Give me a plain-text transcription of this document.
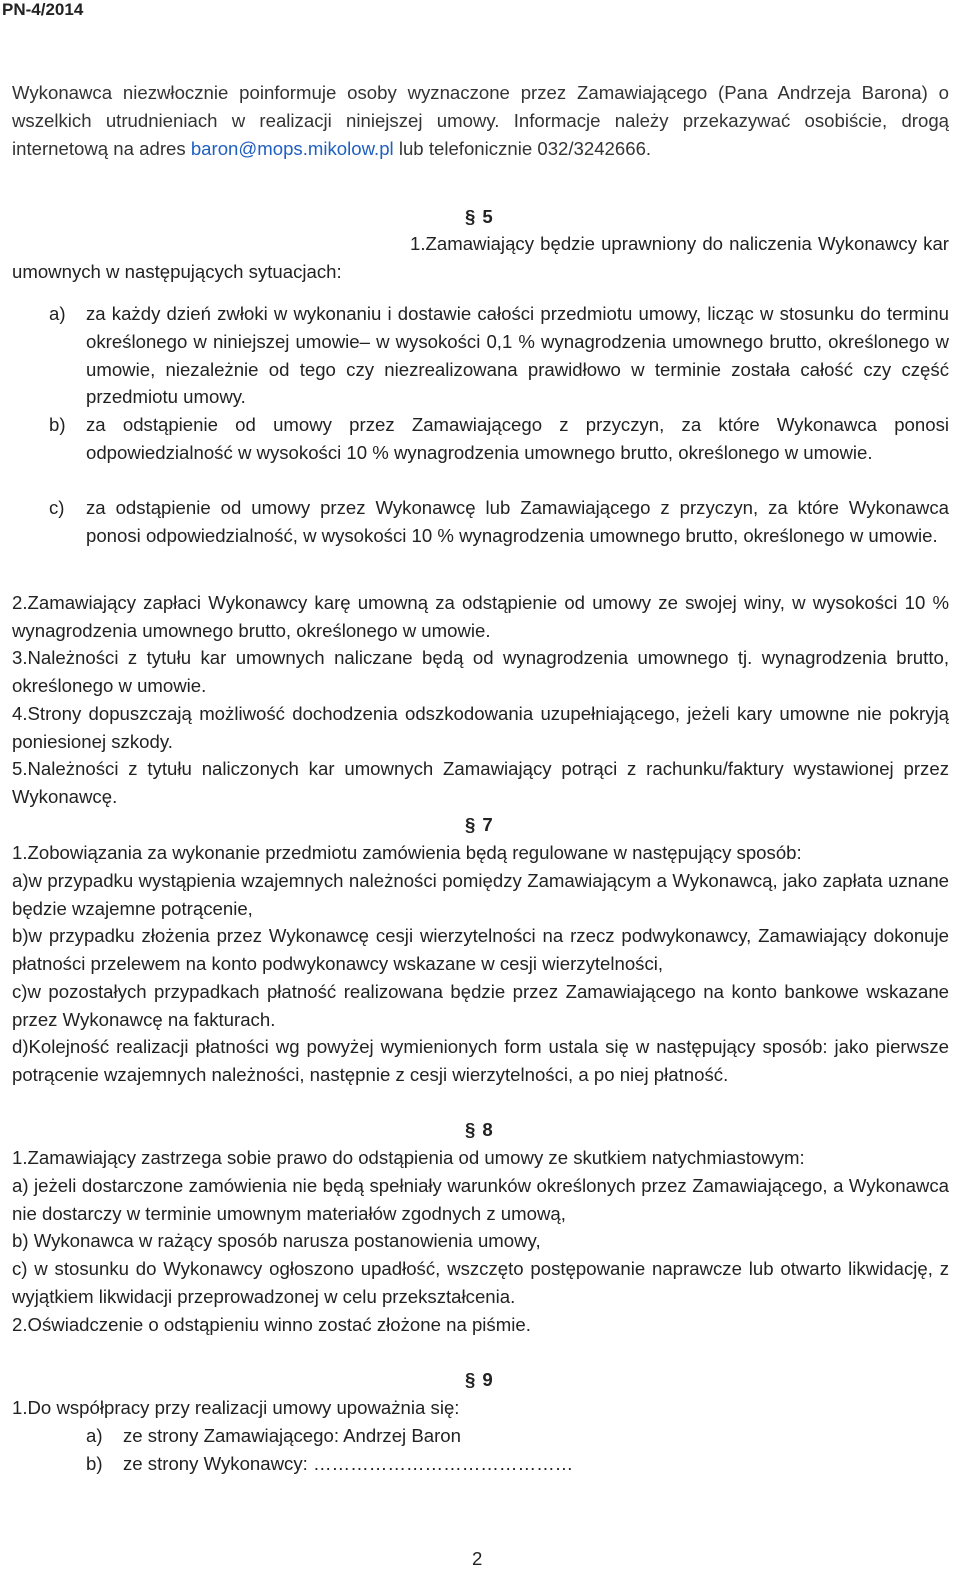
PN-4/2014

Wykonawca niezwłocznie poinformuje osoby wyznaczone przez Zamawiającego (Pana Andrzeja Barona) o wszelkich utrudnieniach w realizacji niniejszej umowy. Informacje należy przekazywać osobiście, drogą internetową na adres baron@mops.mikolow.pl lub telefonicznie 032/3242666.

§ 5

1.Zamawiający będzie uprawniony do naliczenia Wykonawcy kar umownych w następujących sytuacjach:

a) za każdy dzień zwłoki w wykonaniu i dostawie całości przedmiotu umowy, licząc w stosunku do terminu określonego w niniejszej umowie– w wysokości 0,1 % wynagrodzenia umownego brutto, określonego w umowie, niezależnie od tego czy niezrealizowana prawidłowo w terminie została całość czy część przedmiotu umowy.
b) za odstąpienie od umowy przez Zamawiającego z przyczyn, za które Wykonawca ponosi odpowiedzialność w wysokości 10 % wynagrodzenia umownego brutto, określonego w umowie.
c) za odstąpienie od umowy przez Wykonawcę lub Zamawiającego z przyczyn, za które Wykonawca ponosi odpowiedzialność, w wysokości 10 % wynagrodzenia umownego brutto, określonego w umowie.

2.Zamawiający zapłaci Wykonawcy karę umowną za odstąpienie od umowy ze swojej winy, w wysokości 10 % wynagrodzenia umownego brutto, określonego w umowie.

3.Należności z tytułu kar umownych naliczane będą od wynagrodzenia umownego tj. wynagrodzenia brutto, określonego w umowie.

4.Strony dopuszczają możliwość dochodzenia odszkodowania uzupełniającego, jeżeli kary umowne nie pokryją poniesionej szkody.

5.Należności z tytułu naliczonych kar umownych Zamawiający potrąci z rachunku/faktury wystawionej przez Wykonawcę.

§ 7

1.Zobowiązania za wykonanie przedmiotu zamówienia będą regulowane w następujący sposób:

a)w przypadku wystąpienia wzajemnych należności pomiędzy Zamawiającym a Wykonawcą, jako zapłata uznane będzie wzajemne potrącenie,

b)w przypadku złożenia przez Wykonawcę cesji wierzytelności na rzecz podwykonawcy, Zamawiający dokonuje płatności przelewem na konto podwykonawcy wskazane w cesji wierzytelności,

c)w pozostałych przypadkach płatność realizowana będzie przez Zamawiającego na konto bankowe wskazane przez Wykonawcę na fakturach.

d)Kolejność realizacji płatności wg powyżej wymienionych form ustala się w następujący sposób: jako pierwsze potrącenie wzajemnych należności, następnie z cesji wierzytelności, a po niej płatność.

§ 8

1.Zamawiający zastrzega sobie prawo do odstąpienia od umowy ze skutkiem natychmiastowym:

a) jeżeli dostarczone zamówienia nie będą spełniały warunków określonych przez Zamawiającego, a Wykonawca nie dostarczy w terminie umownym materiałów zgodnych z umową,

b) Wykonawca w rażący sposób narusza postanowienia umowy,

c) w stosunku do Wykonawcy ogłoszono upadłość, wszczęto postępowanie naprawcze lub otwarto likwidację, z wyjątkiem likwidacji przeprowadzonej w celu przekształcenia.

2.Oświadczenie o odstąpieniu winno zostać złożone na piśmie.

§ 9

1.Do współpracy przy realizacji umowy upoważnia się:

a) ze strony Zamawiającego: Andrzej Baron
b) ze strony Wykonawcy: ……………………………………
2
